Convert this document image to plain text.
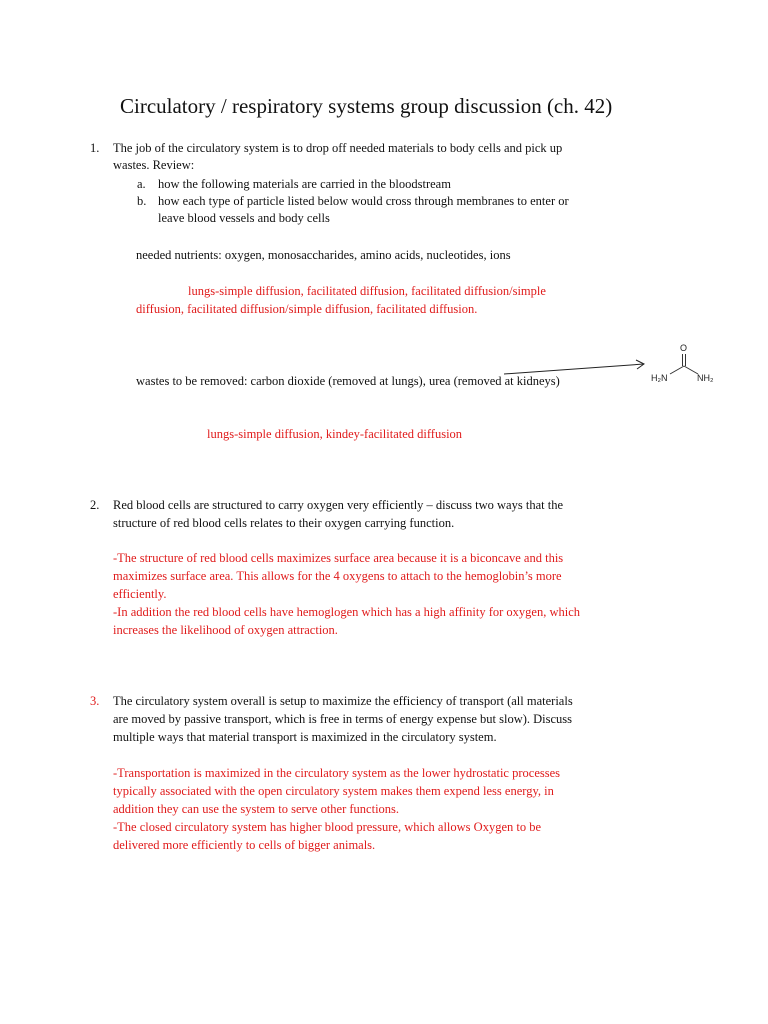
Circulatory / respiratory systems group discussion (ch. 42)
1. The job of the circulatory system is to drop off needed materials to body cells and pick up
wastes. Review:
a. how the following materials are carried in the bloodstream
b. how each type of particle listed below would cross through membranes to enter or
leave blood vessels and body cells
needed nutrients: oxygen, monosaccharides, amino acids, nucleotides, ions
lungs-simple diffusion, facilitated diffusion, facilitated diffusion/simple
diffusion, facilitated diffusion/simple diffusion, facilitated diffusion.
wastes to be removed: carbon dioxide (removed at lungs), urea (removed at kidneys)
O
H₂N	NH₂
lungs-simple diffusion, kindey-facilitated diffusion
2. Red blood cells are structured to carry oxygen very efficiently – discuss two ways that the
structure of red blood cells relates to their oxygen carrying function.
-The structure of red blood cells maximizes surface area because it is a biconcave and this
maximizes surface area. This allows for the 4 oxygens to attach to the hemoglobin’s more
efficiently.
-In addition the red blood cells have hemoglogen which has a high affinity for oxygen, which
increases the likelihood of oxygen attraction.
3. The circulatory system overall is setup to maximize the efficiency of transport (all materials
are moved by passive transport, which is free in terms of energy expense but slow). Discuss
multiple ways that material transport is maximized in the circulatory system.
-Transportation is maximized in the circulatory system as the lower hydrostatic processes
typically associated with the open circulatory system makes them expend less energy, in
addition they can use the system to serve other functions.
-The closed circulatory system has higher blood pressure, which allows Oxygen to be
delivered more efficiently to cells of bigger animals.
